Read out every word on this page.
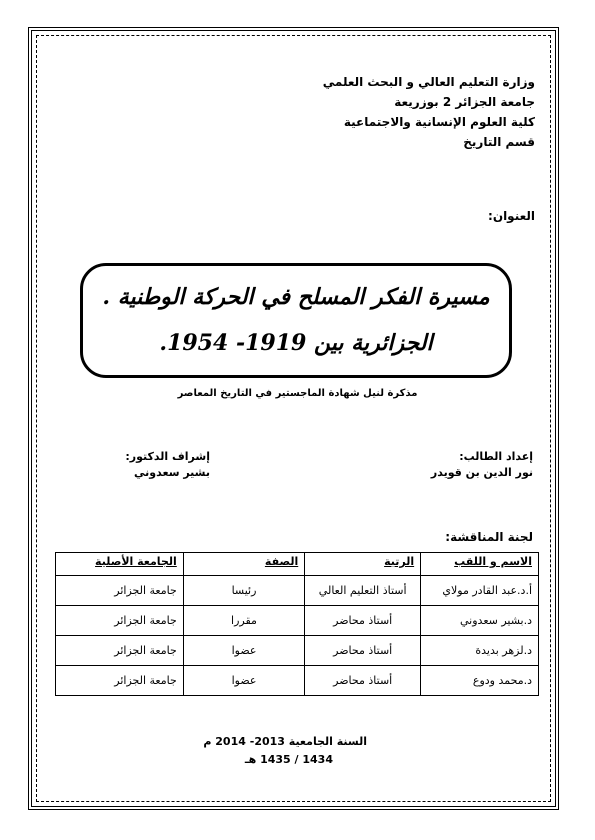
وزارة التعليم العالي و البحث العلمي
جامعة الجزائر 2 بوزريعة
كلية العلوم الإنسانية والاجتماعية
قسم التاريخ
العنوان:
مسيرة الفكر المسلح في الحركة الوطنية .
الجزائرية بين 1919- 1954.
مذكرة لنيل شهادة الماجستير في التاريخ المعاصر
إعداد الطالب:
نور الدين بن قويدر
إشراف الدكتور:
بشير سعدوني
لجنة المناقشة:
الاسم و اللقب	الرتبة	الصفة	الجامعة الأصلية
أ.د.عبد القادر مولاي	أستاذ التعليم العالي	رئيسا	جامعة الجزائر
د.بشير سعدوني	أستاذ محاضر	مقررا	جامعة الجزائر
د.لزهر بديدة	أستاذ محاضر	عضوا	جامعة الجزائر
د.محمد ودوع	أستاذ محاضر	عضوا	جامعة الجزائر
السنة الجامعية 2013- 2014 م
1434 / 1435 هـ
